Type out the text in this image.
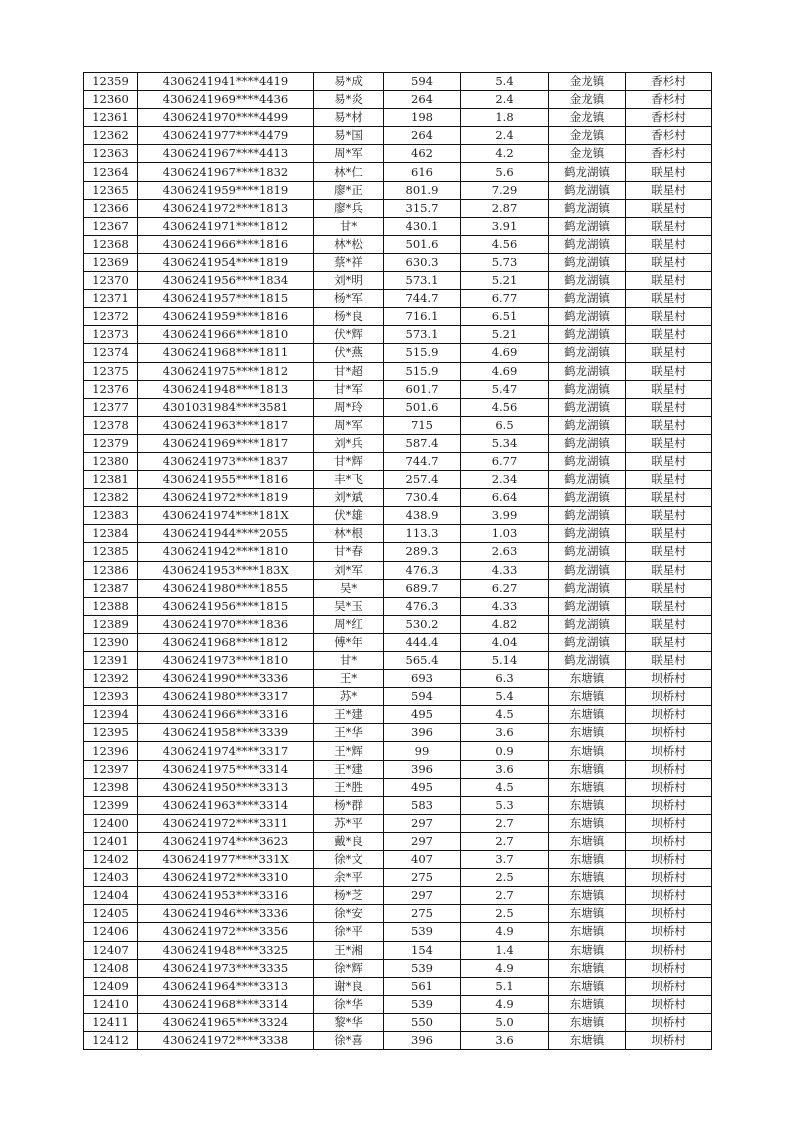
12359	4306241941****4419	易*成	594	5.4	金龙镇	香杉村
12360	4306241969****4436	易*炎	264	2.4	金龙镇	香杉村
12361	4306241970****4499	易*材	198	1.8	金龙镇	香杉村
12362	4306241977****4479	易*国	264	2.4	金龙镇	香杉村
12363	4306241967****4413	周*军	462	4.2	金龙镇	香杉村
12364	4306241967****1832	林*仁	616	5.6	鹤龙湖镇	联星村
12365	4306241959****1819	廖*正	801.9	7.29	鹤龙湖镇	联星村
12366	4306241972****1813	廖*兵	315.7	2.87	鹤龙湖镇	联星村
12367	4306241971****1812	甘*	430.1	3.91	鹤龙湖镇	联星村
12368	4306241966****1816	林*松	501.6	4.56	鹤龙湖镇	联星村
12369	4306241954****1819	蔡*祥	630.3	5.73	鹤龙湖镇	联星村
12370	4306241956****1834	刘*明	573.1	5.21	鹤龙湖镇	联星村
12371	4306241957****1815	杨*军	744.7	6.77	鹤龙湖镇	联星村
12372	4306241959****1816	杨*良	716.1	6.51	鹤龙湖镇	联星村
12373	4306241966****1810	伏*辉	573.1	5.21	鹤龙湖镇	联星村
12374	4306241968****1811	伏*燕	515.9	4.69	鹤龙湖镇	联星村
12375	4306241975****1812	甘*超	515.9	4.69	鹤龙湖镇	联星村
12376	4306241948****1813	甘*军	601.7	5.47	鹤龙湖镇	联星村
12377	4301031984****3581	周*玲	501.6	4.56	鹤龙湖镇	联星村
12378	4306241963****1817	周*军	715	6.5	鹤龙湖镇	联星村
12379	4306241969****1817	刘*兵	587.4	5.34	鹤龙湖镇	联星村
12380	4306241973****1837	甘*辉	744.7	6.77	鹤龙湖镇	联星村
12381	4306241955****1816	丰*飞	257.4	2.34	鹤龙湖镇	联星村
12382	4306241972****1819	刘*斌	730.4	6.64	鹤龙湖镇	联星村
12383	4306241974****181X	伏*雄	438.9	3.99	鹤龙湖镇	联星村
12384	4306241944****2055	林*根	113.3	1.03	鹤龙湖镇	联星村
12385	4306241942****1810	甘*春	289.3	2.63	鹤龙湖镇	联星村
12386	4306241953****183X	刘*军	476.3	4.33	鹤龙湖镇	联星村
12387	4306241980****1855	吴*	689.7	6.27	鹤龙湖镇	联星村
12388	4306241956****1815	吴*玉	476.3	4.33	鹤龙湖镇	联星村
12389	4306241970****1836	周*红	530.2	4.82	鹤龙湖镇	联星村
12390	4306241968****1812	傅*年	444.4	4.04	鹤龙湖镇	联星村
12391	4306241973****1810	甘*	565.4	5.14	鹤龙湖镇	联星村
12392	4306241990****3336	王*	693	6.3	东塘镇	坝桥村
12393	4306241980****3317	苏*	594	5.4	东塘镇	坝桥村
12394	4306241966****3316	王*建	495	4.5	东塘镇	坝桥村
12395	4306241958****3339	王*华	396	3.6	东塘镇	坝桥村
12396	4306241974****3317	王*辉	99	0.9	东塘镇	坝桥村
12397	4306241975****3314	王*建	396	3.6	东塘镇	坝桥村
12398	4306241950****3313	王*胜	495	4.5	东塘镇	坝桥村
12399	4306241963****3314	杨*群	583	5.3	东塘镇	坝桥村
12400	4306241972****3311	苏*平	297	2.7	东塘镇	坝桥村
12401	4306241974****3623	戴*良	297	2.7	东塘镇	坝桥村
12402	4306241977****331X	徐*文	407	3.7	东塘镇	坝桥村
12403	4306241972****3310	余*平	275	2.5	东塘镇	坝桥村
12404	4306241953****3316	杨*芝	297	2.7	东塘镇	坝桥村
12405	4306241946****3336	徐*安	275	2.5	东塘镇	坝桥村
12406	4306241972****3356	徐*平	539	4.9	东塘镇	坝桥村
12407	4306241948****3325	王*湘	154	1.4	东塘镇	坝桥村
12408	4306241973****3335	徐*辉	539	4.9	东塘镇	坝桥村
12409	4306241964****3313	谢*良	561	5.1	东塘镇	坝桥村
12410	4306241968****3314	徐*华	539	4.9	东塘镇	坝桥村
12411	4306241965****3324	黎*华	550	5.0	东塘镇	坝桥村
12412	4306241972****3338	徐*喜	396	3.6	东塘镇	坝桥村
